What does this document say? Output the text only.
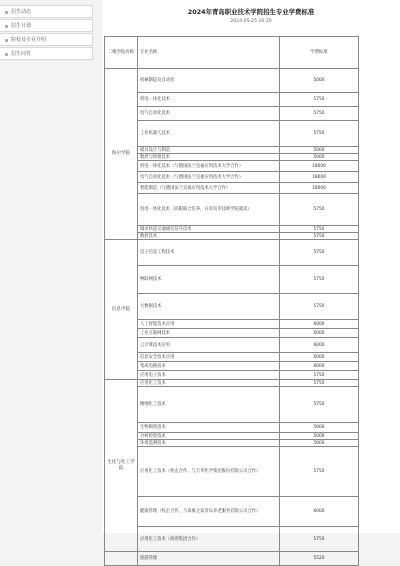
招生动态
招生计划
院校及专业介绍
招生问答
2024年青岛职业技术学院招生专业学费标准
2024-05-25 16:20
二级学院名称	专业名称	学费标准
海尔学院	机械制造及自动化	5000
	机电一体化技术	5750
	电气自动化技术	5750
	工业机器人技术	5750
	模具设计与制造	5000
	数控与焊接技术	5000
	机电一体化技术（与德国法兰克福应用技术大学合作）	18000
	电气自动化技术（与德国法兰克福应用技术大学合作）	18000
	智能制造（与德国法兰克福应用技术大学合作）	18000
	机电一体化技术（高职联合培养，在青岛市技师学院就读）	5750
	城市轨道交通通信信号技术	5750
	数控技术	5750
信息学院	电子信息工程技术	5750
	物联网技术	5750
	大数据技术	5750
	人工智能技术应用	6000
	工业互联网技术	6000
	云计算技术应用	6000
	信息安全技术应用	6000
	集成电路技术	6000
	应用电子技术	5750
生化与化工学院	应用化工技术	5750
	精细化工技术	5750
	生物制药技术	5000
	分析检验技术	5000
	环境监测技术	5000
	应用化工技术（校企合作，与万华化学集团股份有限公司合作）	5750
	健康管理（校企合作，与泰康之家青岛养老服务有限公司合作）	6000
	应用化工技术（海湾集团合作）	5750
	旅游管理	5520
